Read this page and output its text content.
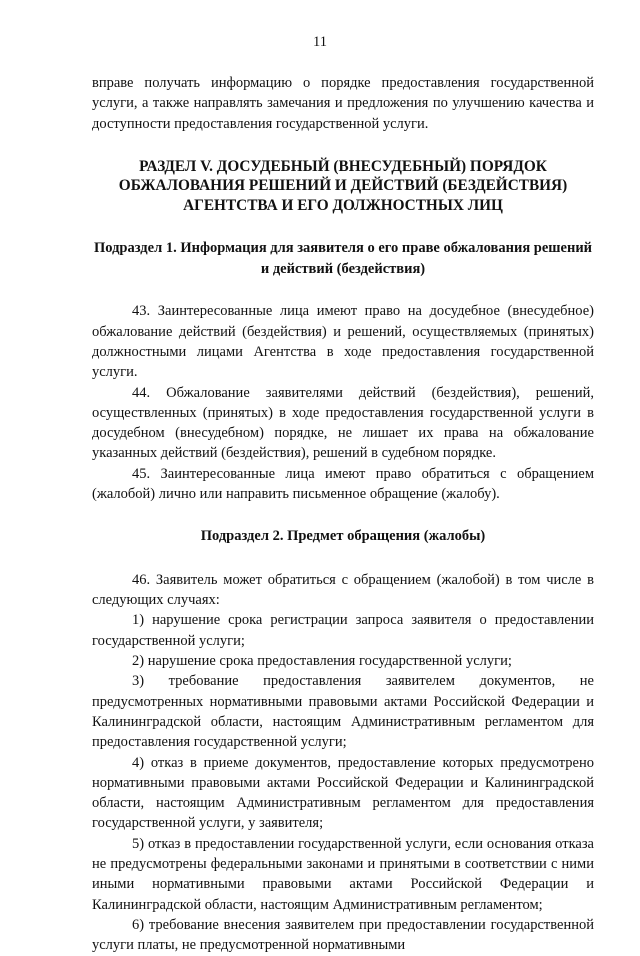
11

вправе получать информацию о порядке предоставления государственной услуги, а также направлять замечания и предложения по улучшению качества и доступности предоставления государственной услуги.

РАЗДЕЛ V. ДОСУДЕБНЫЙ (ВНЕСУДЕБНЫЙ) ПОРЯДОК ОБЖАЛОВАНИЯ РЕШЕНИЙ И ДЕЙСТВИЙ (БЕЗДЕЙСТВИЯ) АГЕНТСТВА И ЕГО ДОЛЖНОСТНЫХ ЛИЦ
Подраздел 1. Информация для заявителя о его праве обжалования решений и действий (бездействия)

43. Заинтересованные лица имеют право на досудебное (внесудебное) обжалование действий (бездействия) и решений, осуществляемых (принятых) должностными лицами Агентства в ходе предоставления государственной услуги.

44. Обжалование заявителями действий (бездействия), решений, осуществленных (принятых) в ходе предоставления государственной услуги в досудебном (внесудебном) порядке, не лишает их права на обжалование указанных действий (бездействия), решений в судебном порядке.

45. Заинтересованные лица имеют право обратиться с обращением (жалобой) лично или направить письменное обращение (жалобу).

Подраздел 2. Предмет обращения (жалобы)

46. Заявитель может обратиться с обращением (жалобой) в том числе в следующих случаях:

1) нарушение срока регистрации запроса заявителя о предоставлении государственной услуги;

2) нарушение срока предоставления государственной услуги;

3) требование предоставления заявителем документов, не предусмотренных нормативными правовыми актами Российской Федерации и Калининградской области, настоящим Административным регламентом для предоставления государственной услуги;

4) отказ в приеме документов, предоставление которых предусмотрено нормативными правовыми актами Российской Федерации и Калининградской области, настоящим Административным регламентом для предоставления государственной услуги, у заявителя;

5) отказ в предоставлении государственной услуги, если основания отказа не предусмотрены федеральными законами и принятыми в соответствии с ними иными нормативными правовыми актами Российской Федерации и Калининградской области, настоящим Административным регламентом;

6) требование внесения заявителем при предоставлении государственной услуги платы, не предусмотренной нормативными
